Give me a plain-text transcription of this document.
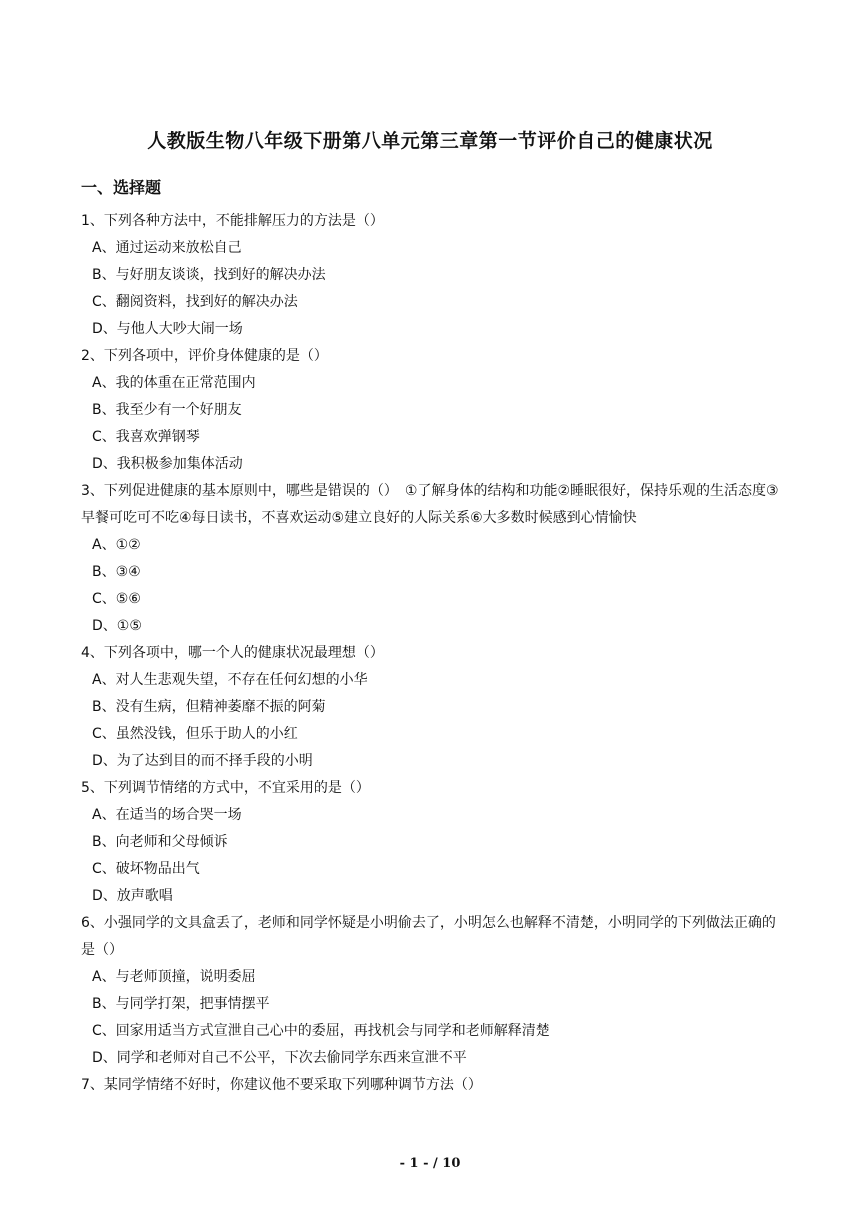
人教版生物八年级下册第八单元第三章第一节评价自己的健康状况
一、选择题
1、下列各种方法中，不能排解压力的方法是（）
A、通过运动来放松自己
B、与好朋友谈谈，找到好的解决办法
C、翻阅资料，找到好的解决办法
D、与他人大吵大闹一场
2、下列各项中，评价身体健康的是（）
A、我的体重在正常范围内
B、我至少有一个好朋友
C、我喜欢弹钢琴
D、我积极参加集体活动
3、下列促进健康的基本原则中，哪些是错误的（）　①了解身体的结构和功能②睡眠很好，保持乐观的生活态度③早餐可吃可不吃④每日读书，不喜欢运动⑤建立良好的人际关系⑥大多数时候感到心情愉快
A、①②
B、③④
C、⑤⑥
D、①⑤
4、下列各项中，哪一个人的健康状况最理想（）
A、对人生悲观失望，不存在任何幻想的小华
B、没有生病，但精神萎靡不振的阿菊
C、虽然没钱，但乐于助人的小红
D、为了达到目的而不择手段的小明
5、下列调节情绪的方式中，不宜采用的是（）
A、在适当的场合哭一场
B、向老师和父母倾诉
C、破坏物品出气
D、放声歌唱
6、小强同学的文具盒丢了，老师和同学怀疑是小明偷去了，小明怎么也解释不清楚，小明同学的下列做法正确的是（）
A、与老师顶撞，说明委屈
B、与同学打架，把事情摆平
C、回家用适当方式宣泄自己心中的委屈，再找机会与同学和老师解释清楚
D、同学和老师对自己不公平，下次去偷同学东西来宣泄不平
7、某同学情绪不好时，你建议他不要采取下列哪种调节方法（）
- 1 - / 10
